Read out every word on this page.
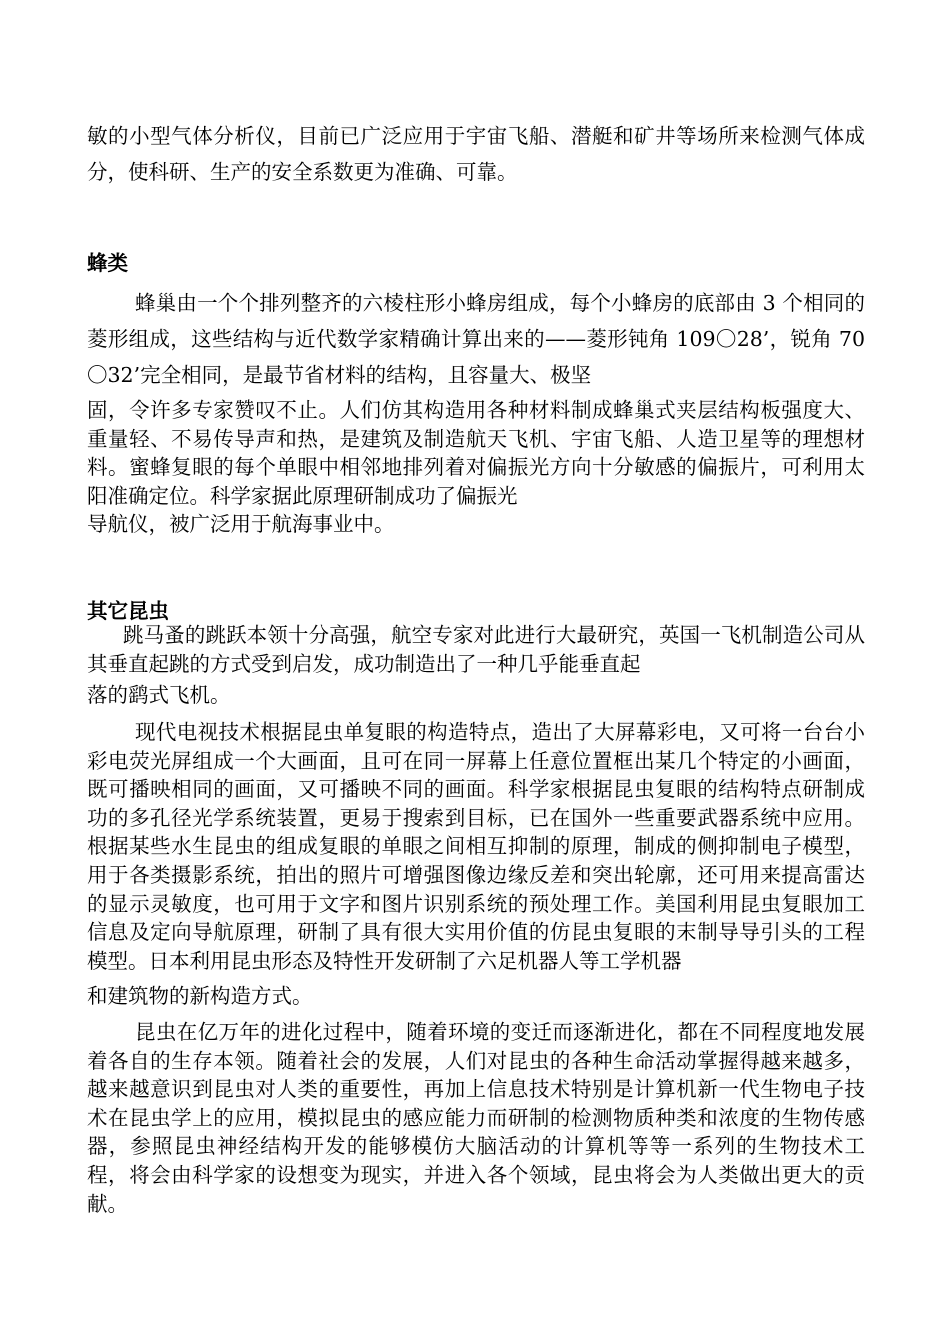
敏的小型气体分析仪，目前已广泛应用于宇宙飞船、潜艇和矿井等场所来检测气体成分，使科研、生产的安全系数更为准确、可靠。

蜂类

蜂巢由一个个排列整齐的六棱柱形小蜂房组成，每个小蜂房的底部由 3 个相同的菱形组成，这些结构与近代数学家精确计算出来的——菱形钝角 109〇28’，锐角 70〇32’完全相同，是最节省材料的结构，且容量大、极坚

固，令许多专家赞叹不止。人们仿其构造用各种材料制成蜂巢式夹层结构板强度大、重量轻、不易传导声和热，是建筑及制造航天飞机、宇宙飞船、人造卫星等的理想材料。蜜蜂复眼的每个单眼中相邻地排列着对偏振光方向十分敏感的偏振片，可利用太阳准确定位。科学家据此原理研制成功了偏振光

导航仪，被广泛用于航海事业中。

其它昆虫

跳马蚤的跳跃本领十分高强，航空专家对此进行大最研究，英国一飞机制造公司从其垂直起跳的方式受到启发，成功制造出了一种几乎能垂直起

落的鹞式飞机。

现代电视技术根据昆虫单复眼的构造特点，造出了大屏幕彩电，又可将一台台小彩电荧光屏组成一个大画面，且可在同一屏幕上任意位置框出某几个特定的小画面，既可播映相同的画面，又可播映不同的画面。科学家根据昆虫复眼的结构特点研制成功的多孔径光学系统装置，更易于搜索到目标，已在国外一些重要武器系统中应用。根据某些水生昆虫的组成复眼的单眼之间相互抑制的原理，制成的侧抑制电子模型，用于各类摄影系统，拍出的照片可增强图像边缘反差和突出轮廓，还可用来提高雷达的显示灵敏度，也可用于文字和图片识别系统的预处理工作。美国利用昆虫复眼加工信息及定向导航原理，研制了具有很大实用价值的仿昆虫复眼的末制导导引头的工程模型。日本利用昆虫形态及特性开发研制了六足机器人等工学机器

和建筑物的新构造方式。

昆虫在亿万年的进化过程中，随着环境的变迁而逐渐进化，都在不同程度地发展着各自的生存本领。随着社会的发展，人们对昆虫的各种生命活动掌握得越来越多，越来越意识到昆虫对人类的重要性，再加上信息技术特别是计算机新一代生物电子技术在昆虫学上的应用，模拟昆虫的感应能力而研制的检测物质种类和浓度的生物传感器，参照昆虫神经结构开发的能够模仿大脑活动的计算机等等一系列的生物技术工程，将会由科学家的设想变为现实，并进入各个领域，昆虫将会为人类做出更大的贡献。
